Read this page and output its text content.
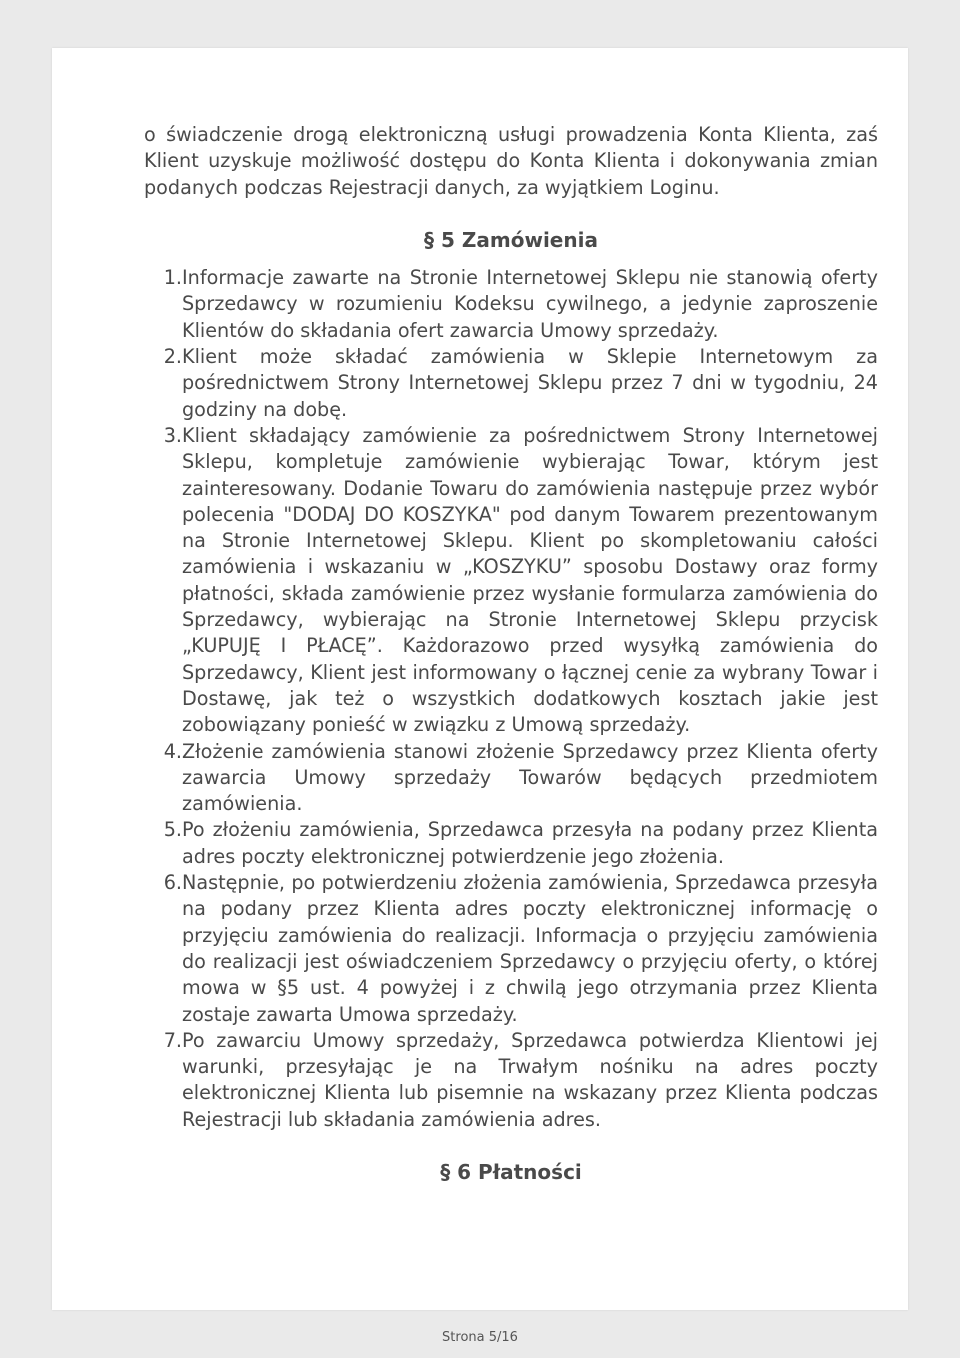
o świadczenie drogą elektroniczną usługi prowadzenia Konta Klienta, zaś Klient uzyskuje możliwość dostępu do Konta Klienta i dokonywania zmian podanych podczas Rejestracji danych, za wyjątkiem Loginu.

§ 5 Zamówienia
1. Informacje zawarte na Stronie Internetowej Sklepu nie stanowią oferty Sprzedawcy w rozumieniu Kodeksu cywilnego, a jedynie zaproszenie Klientów do składania ofert zawarcia Umowy sprzedaży.
2. Klient może składać zamówienia w Sklepie Internetowym za pośrednictwem Strony Internetowej Sklepu przez 7 dni w tygodniu, 24 godziny na dobę.
3. Klient składający zamówienie za pośrednictwem Strony Internetowej Sklepu, kompletuje zamówienie wybierając Towar, którym jest zainteresowany. Dodanie Towaru do zamówienia następuje przez wybór polecenia "DODAJ DO KOSZYKA" pod danym Towarem prezentowanym na Stronie Internetowej Sklepu. Klient po skompletowaniu całości zamówienia i wskazaniu w „KOSZYKU” sposobu Dostawy oraz formy płatności, składa zamówienie przez wysłanie formularza zamówienia do Sprzedawcy, wybierając na Stronie Internetowej Sklepu przycisk „KUPUJĘ I PŁACĘ”. Każdorazowo przed wysyłką zamówienia do Sprzedawcy, Klient jest informowany o łącznej cenie za wybrany Towar i Dostawę, jak też o wszystkich dodatkowych kosztach jakie jest zobowiązany ponieść w związku z Umową sprzedaży.
4. Złożenie zamówienia stanowi złożenie Sprzedawcy przez Klienta oferty zawarcia Umowy sprzedaży Towarów będących przedmiotem zamówienia.
5. Po złożeniu zamówienia, Sprzedawca przesyła na podany przez Klienta adres poczty elektronicznej potwierdzenie jego złożenia.
6. Następnie, po potwierdzeniu złożenia zamówienia, Sprzedawca przesyła na podany przez Klienta adres poczty elektronicznej informację o przyjęciu zamówienia do realizacji. Informacja o przyjęciu zamówienia do realizacji jest oświadczeniem Sprzedawcy o przyjęciu oferty, o której mowa w §5 ust. 4 powyżej i z chwilą jego otrzymania przez Klienta zostaje zawarta Umowa sprzedaży.
7. Po zawarciu Umowy sprzedaży, Sprzedawca potwierdza Klientowi jej warunki, przesyłając je na Trwałym nośniku na adres poczty elektronicznej Klienta lub pisemnie na wskazany przez Klienta podczas Rejestracji lub składania zamówienia adres.
§ 6 Płatności
Strona 5/16
